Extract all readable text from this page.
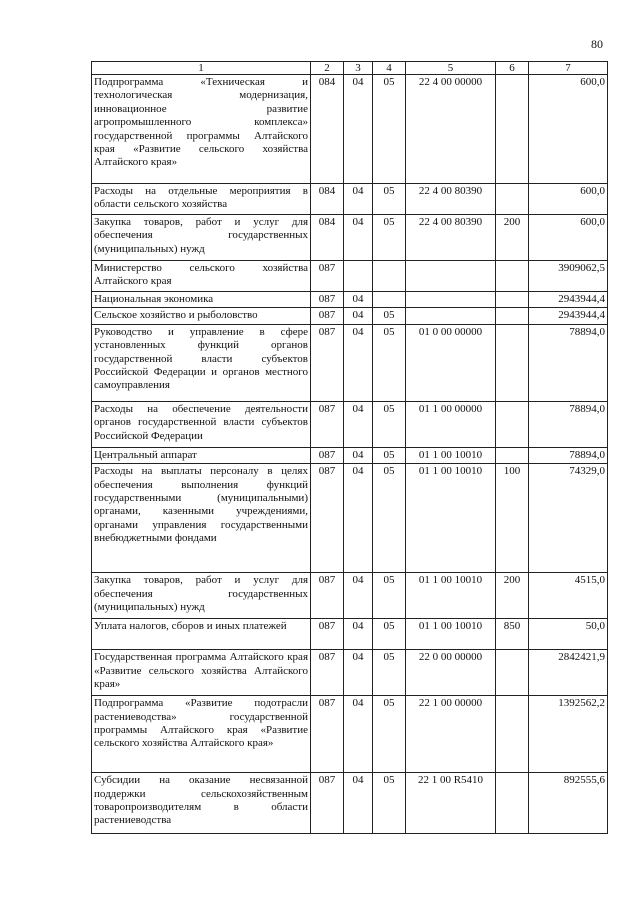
80
1	2	3	4	5	6	7
Подпрограмма «Техническая и технологическая модернизация, инновационное развитие агропромышленного комплекса» государственной программы Алтайского края «Развитие сельского хозяйства Алтайского края»	084	04	05	22 4 00 00000		600,0
Расходы на отдельные мероприятия в области сельского хозяйства	084	04	05	22 4 00 80390		600,0
Закупка товаров, работ и услуг для обеспечения государственных (муниципальных) нужд	084	04	05	22 4 00 80390	200	600,0
Министерство сельского хозяйства Алтайского края	087					3909062,5
Национальная экономика	087	04				2943944,4
Сельское хозяйство и рыболовство	087	04	05			2943944,4
Руководство и управление в сфере установленных функций органов государственной власти субъектов Российской Федерации и органов местного самоуправления	087	04	05	01 0 00 00000		78894,0
Расходы на обеспечение деятельности органов государственной власти субъектов Российской Федерации	087	04	05	01 1 00 00000		78894,0
Центральный аппарат	087	04	05	01 1 00 10010		78894,0
Расходы на выплаты персоналу в целях обеспечения выполнения функций государственными (муниципальными) органами, казенными учреждениями, органами управления государственными внебюджетными фондами	087	04	05	01 1 00 10010	100	74329,0
Закупка товаров, работ и услуг для обеспечения государственных (муниципальных) нужд	087	04	05	01 1 00 10010	200	4515,0
Уплата налогов, сборов и иных платежей	087	04	05	01 1 00 10010	850	50,0
Государственная программа Алтайского края «Развитие сельского хозяйства Алтайского края»	087	04	05	22 0 00 00000		2842421,9
Подпрограмма «Развитие подотрасли растениеводства» государственной программы Алтайского края «Развитие сельского хозяйства Алтайского края»	087	04	05	22 1 00 00000		1392562,2
Субсидии на оказание несвязанной поддержки сельскохозяйственным товаропроизводителям в области растениеводства	087	04	05	22 1 00 R5410		892555,6
